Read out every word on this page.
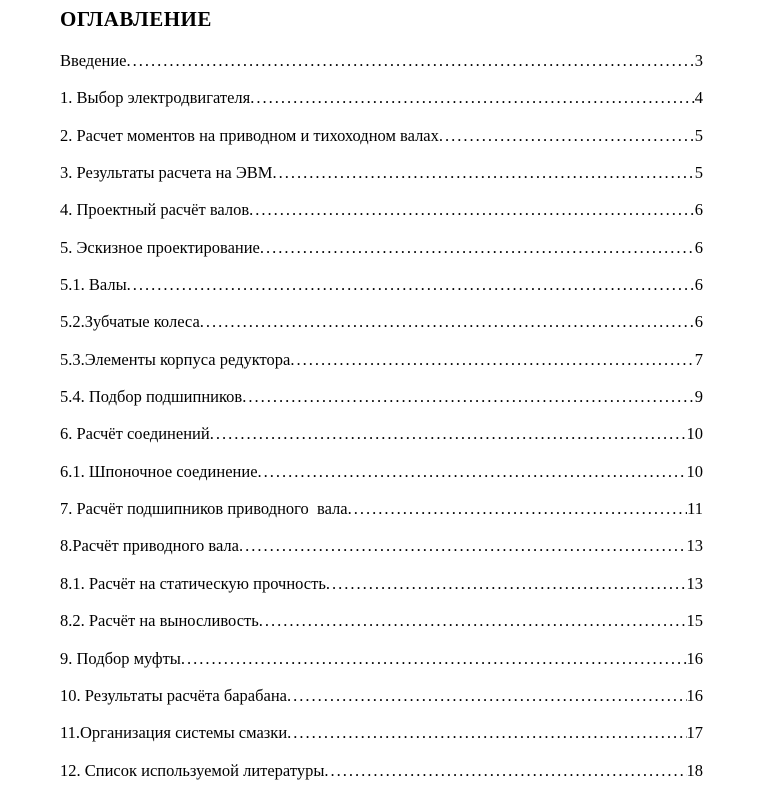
ОГЛАВЛЕНИЕ
Введение .....	3
1. Выбор электродвигателя .....	4
2. Расчет моментов на приводном и тихоходном валах .....	5
3. Результаты расчета на ЭВМ .....	5
4. Проектный расчёт валов .....	6
5. Эскизное проектирование .....	6
5.1. Валы .....	6
5.2.Зубчатые колеса .....	6
5.3.Элементы корпуса редуктора .....	7
5.4. Подбор подшипников .....	9
6. Расчёт соединений .....	10
6.1. Шпоночное соединение .....	10
7. Расчёт подшипников приводного  вала .....	11
8.Расчёт приводного вала .....	13
8.1. Расчёт на статическую прочность .....	13
8.2. Расчёт на выносливость .....	15
9. Подбор муфты .....	16
10. Результаты расчёта барабана .....	16
11.Организация системы смазки .....	17
12. Список используемой литературы .....	18
